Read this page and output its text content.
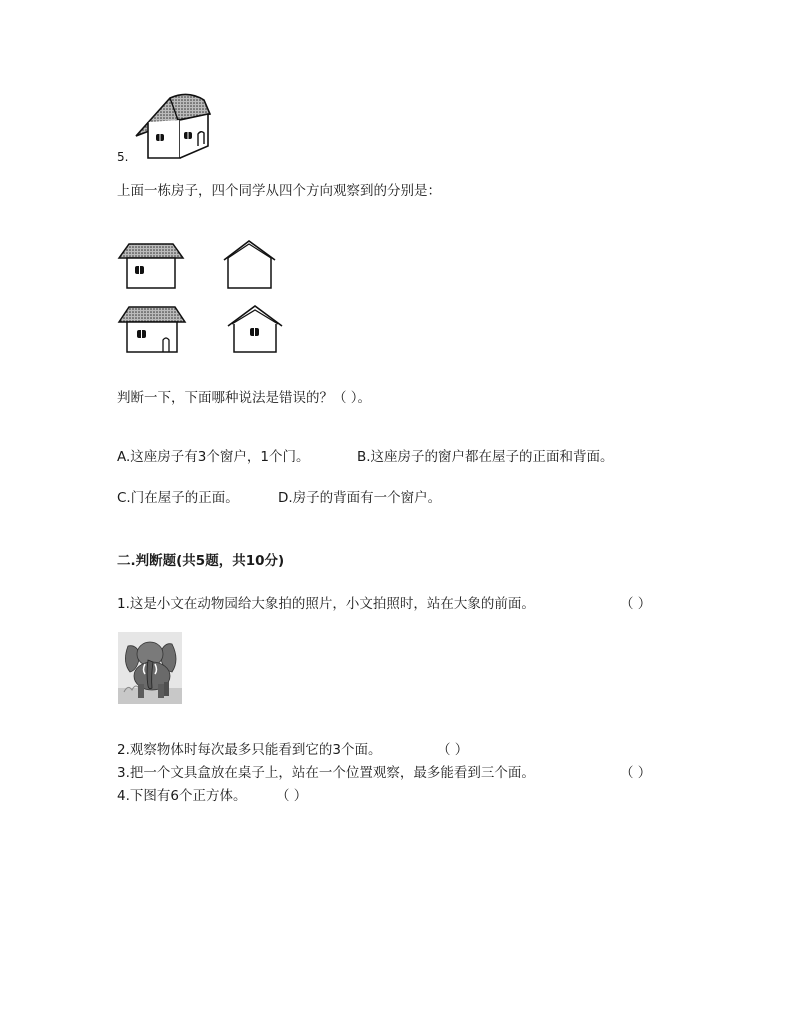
5.
上面一栋房子，四个同学从四个方向观察到的分别是：
判断一下，下面哪种说法是错误的？（ ）。
A.这座房子有3个窗户，1个门。	B.这座房子的窗户都在屋子的正面和背面。
C.门在屋子的正面。	D.房子的背面有一个窗户。
二.判断题(共5题，共10分)
1.这是小文在动物园给大象拍的照片，小文拍照时，站在大象的前面。	（ ）
2.观察物体时每次最多只能看到它的3个面。	（ ）
3.把一个文具盒放在桌子上，站在一个位置观察，最多能看到三个面。	（ ）
4.下图有6个正方体。 （ ）
